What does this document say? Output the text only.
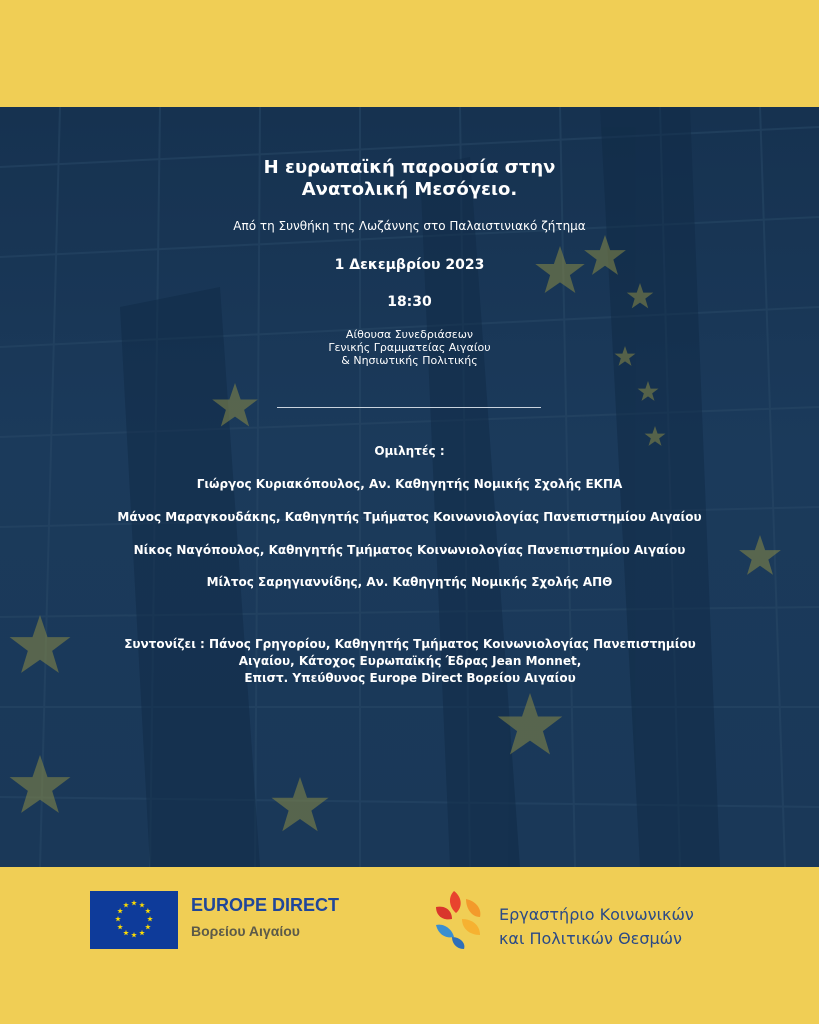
Η ευρωπαϊκή παρουσία στην
Ανατολική Μεσόγειο.
Από τη Συνθήκη της Λωζάννης στο Παλαιστινιακό ζήτημα
1 Δεκεμβρίου 2023
18:30
Αίθουσα Συνεδριάσεων
Γενικής Γραμματείας Αιγαίου
& Νησιωτικής Πολιτικής
Ομιλητές :
Γιώργος Κυριακόπουλος, Αν. Καθηγητής Νομικής Σχολής ΕΚΠΑ
Μάνος Μαραγκουδάκης, Καθηγητής Τμήματος Κοινωνιολογίας Πανεπιστημίου Αιγαίου
Νίκος Ναγόπουλος, Καθηγητής Τμήματος Κοινωνιολογίας Πανεπιστημίου Αιγαίου
Μίλτος Σαρηγιαννίδης, Αν. Καθηγητής Νομικής Σχολής ΑΠΘ
Συντονίζει : Πάνος Γρηγορίου, Καθηγητής Τμήματος Κοινωνιολογίας Πανεπιστημίου
Αιγαίου, Κάτοχος Ευρωπαϊκής Έδρας Jean Monnet,
Επιστ. Υπεύθυνος Europe Direct Βορείου Αιγαίου
EUROPE DIRECT
Βορείου Αιγαίου
Εργαστήριο Κοινωνικών
και Πολιτικών Θεσμών
